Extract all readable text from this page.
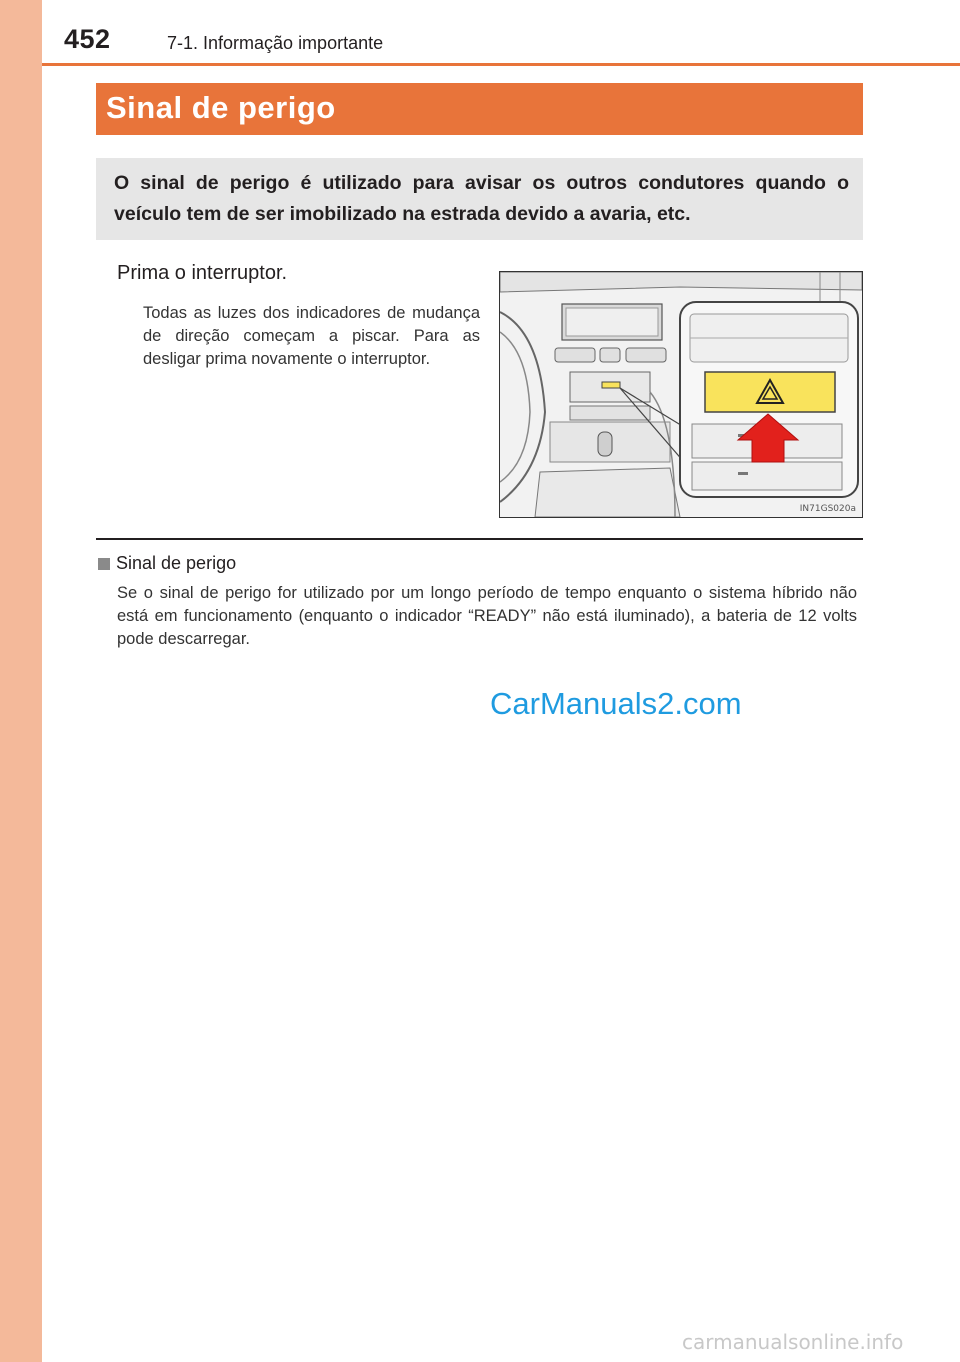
452	7-1. Informação importante
Sinal de perigo
O sinal de perigo é utilizado para avisar os outros condutores quando o veículo tem de ser imobilizado na estrada devido a avaria, etc.
Prima o interruptor.
Todas as luzes dos indicadores de mudança de direção começam a piscar. Para as desligar prima novamente o interruptor.
IN71GS020a
Sinal de perigo
Se o sinal de perigo for utilizado por um longo período de tempo enquanto o sistema híbrido não está em funcionamento (enquanto o indicador “READY” não está iluminado), a bateria de 12 volts pode descarregar.
CarManuals2.com
carmanualsonline.info
